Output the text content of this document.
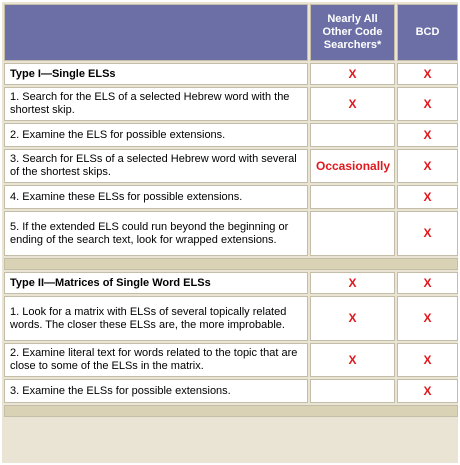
	Nearly All Other Code Searchers*	BCD
Type I—Single ELSs	X	X
1. Search for the ELS of a selected Hebrew word with the shortest skip.	X	X
2. Examine the ELS for possible extensions.		X
3. Search for ELSs of a selected Hebrew word with several of the shortest skips.	Occasionally	X
4. Examine these ELSs for possible extensions.		X
5. If the extended ELS could run beyond the beginning or ending of the search text, look for wrapped extensions.		X

Type II—Matrices of Single Word ELSs	X	X
1. Look for a matrix with ELSs of several topically related words. The closer these ELSs are, the more improbable.	X	X
2. Examine literal text for words related to the topic that are close to some of the ELSs in the matrix.	X	X
3. Examine the ELSs for possible extensions.		X
